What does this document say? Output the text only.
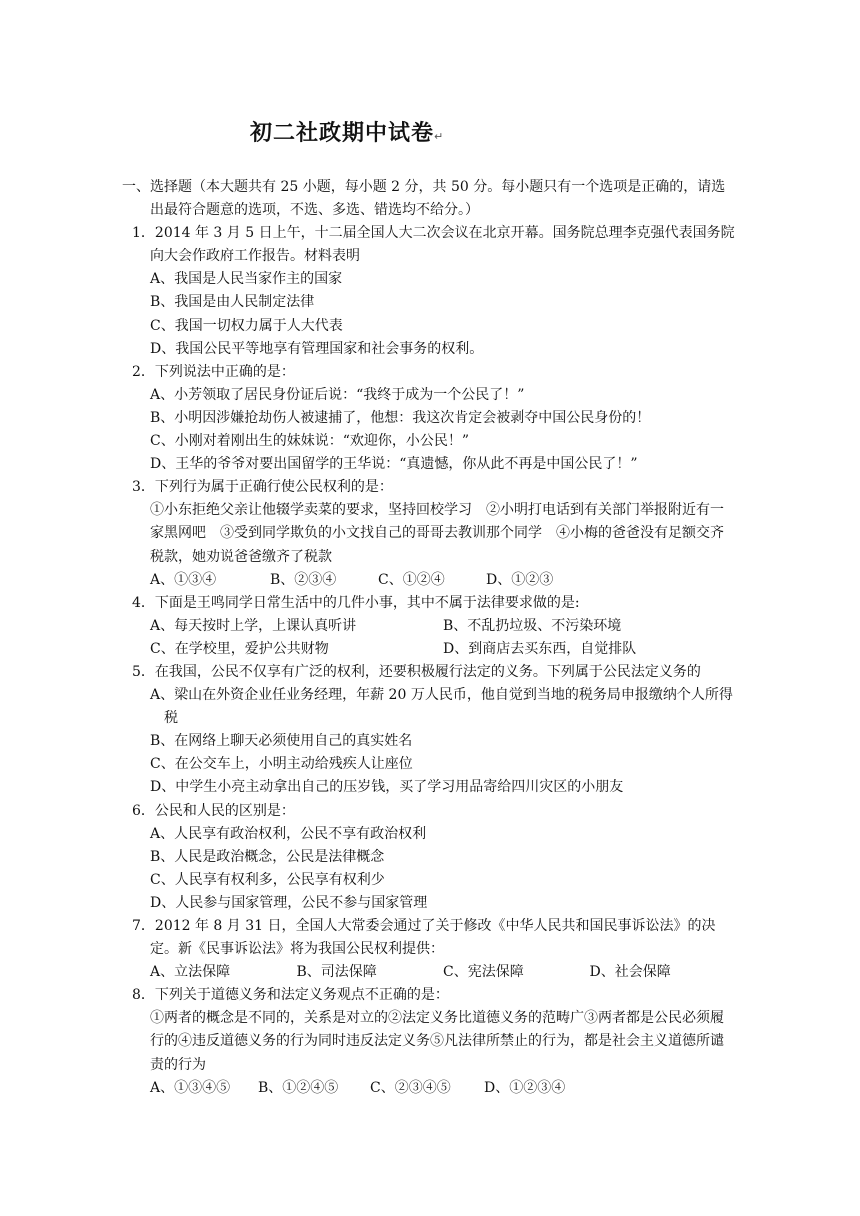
初二社政期中试卷↵

一、选择题（本大题共有 25 小题，每小题 2 分，共 50 分。每小题只有一个选项是正确的，请选出最符合题意的选项，不选、多选、错选均不给分。）

1．2014 年 3 月 5 日上午，十二届全国人大二次会议在北京开幕。国务院总理李克强代表国务院向大会作政府工作报告。材料表明

A、我国是人民当家作主的国家

B、我国是由人民制定法律

C、我国一切权力属于人大代表

D、我国公民平等地享有管理国家和社会事务的权利。

2．下列说法中正确的是：

A、小芳领取了居民身份证后说：“我终于成为一个公民了！”

B、小明因涉嫌抢劫伤人被逮捕了，他想：我这次肯定会被剥夺中国公民身份的！

C、小刚对着刚出生的妹妹说：“欢迎你，小公民！”

D、王华的爷爷对要出国留学的王华说：“真遗憾，你从此不再是中国公民了！”

3．下列行为属于正确行使公民权利的是：

①小东拒绝父亲让他辍学卖菜的要求，坚持回校学习　②小明打电话到有关部门举报附近有一家黑网吧　③受到同学欺负的小文找自己的哥哥去教训那个同学　④小梅的爸爸没有足额交齐税款，她劝说爸爸缴齐了税款

A、①③④	B、②③④	C、①②④	D、①②③

4．下面是王鸣同学日常生活中的几件小事，其中不属于法律要求做的是:

A、每天按时上学，上课认真听讲	B、不乱扔垃圾、不污染环境
C、在学校里，爱护公共财物	D、到商店去买东西，自觉排队

5．在我国，公民不仅享有广泛的权利，还要积极履行法定的义务。下列属于公民法定义务的

A、梁山在外资企业任业务经理，年薪 20 万人民币，他自觉到当地的税务局申报缴纳个人所得税

B、在网络上聊天必须使用自己的真实姓名

C、在公交车上，小明主动给残疾人让座位

D、中学生小亮主动拿出自己的压岁钱，买了学习用品寄给四川灾区的小朋友

6．公民和人民的区别是：

A、人民享有政治权利，公民不享有政治权利

B、人民是政治概念，公民是法律概念

C、人民享有权利多，公民享有权利少

D、人民参与国家管理，公民不参与国家管理

7．2012 年 8 月 31 日，全国人大常委会通过了关于修改《中华人民共和国民事诉讼法》的决定。新《民事诉讼法》将为我国公民权利提供：

A、立法保障	B、司法保障	C、宪法保障	D、社会保障

8．下列关于道德义务和法定义务观点不正确的是：

①两者的概念是不同的，关系是对立的②法定义务比道德义务的范畴广③两者都是公民必须履行的④违反道德义务的行为同时违反法定义务⑤凡法律所禁止的行为，都是社会主义道德所谴责的行为

A、①③④⑤	B、①②④⑤	C、②③④⑤	D、①②③④
